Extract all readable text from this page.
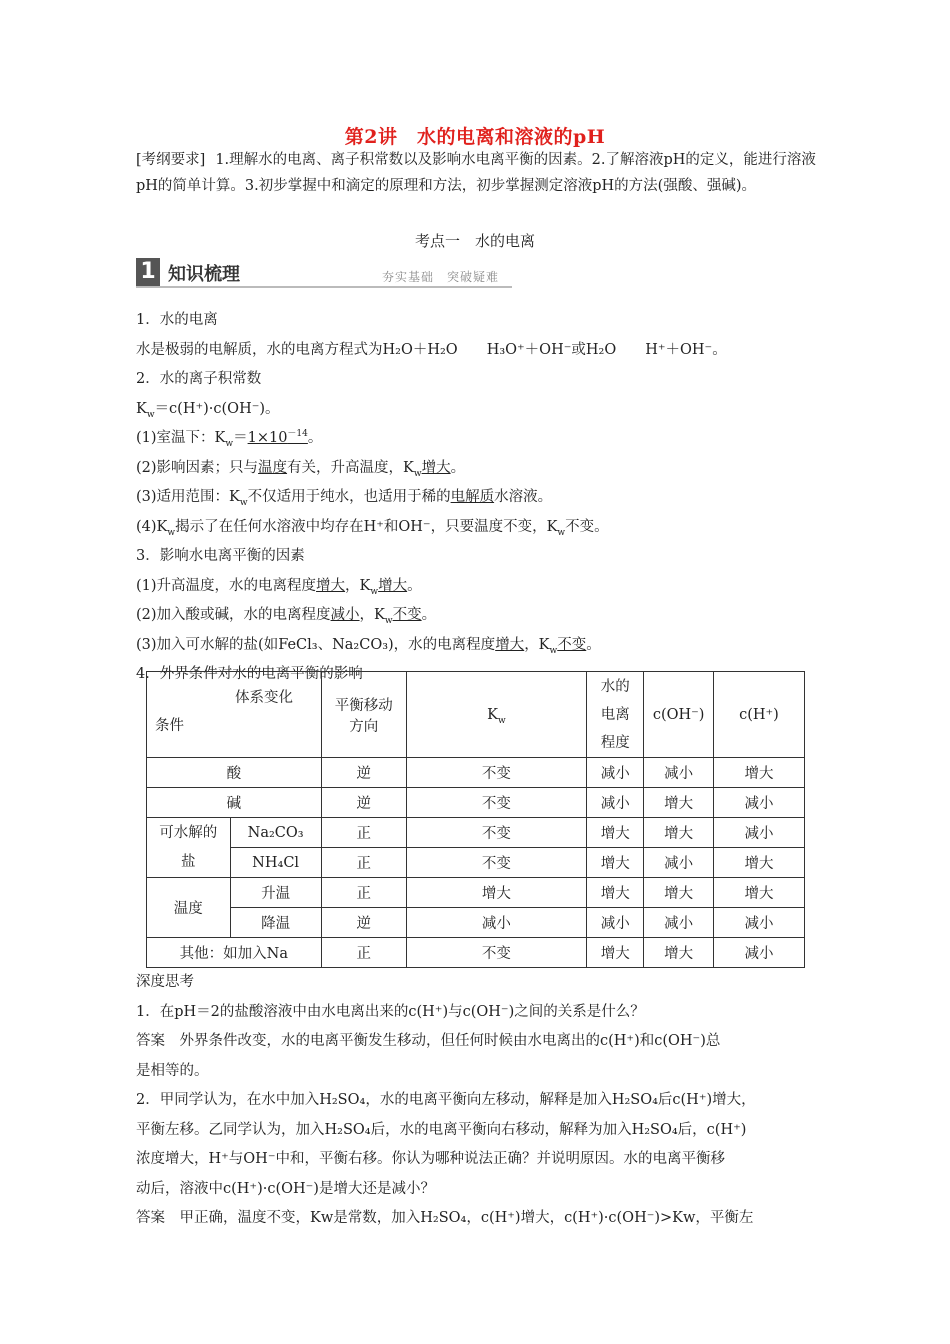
第2讲　水的电离和溶液的pH
[考纲要求] 1.理解水的电离、离子积常数以及影响水电离平衡的因素。2.了解溶液pH的定义，能进行溶液pH的简单计算。3.初步掌握中和滴定的原理和方法，初步掌握测定溶液pH的方法(强酸、强碱)。
考点一　水的电离
1 知识梳理	夯实基础　突破疑难

1．水的电离

水是极弱的电解质，水的电离方程式为H₂O＋H₂O　　H₃O⁺＋OH⁻或H₂O　　H⁺＋OH⁻。

2．水的离子积常数

$K_w=c(H^+)\cdot c(OH^-)$。

(1)室温下：$K_w=1\times 10^{-14}$。

(2)影响因素；只与温度有关，升高温度，$K_w$增大。

(3)适用范围：$K_w$不仅适用于纯水，也适用于稀的电解质水溶液。

$(4)K_w$揭示了在任何水溶液中均存在H⁺和OH⁻，只要温度不变，$K_w$不变。

3．影响水电离平衡的因素

(1)升高温度，水的电离程度增大，$K_w$增大。

(2)加入酸或碱，水的电离程度减小，$K_w$不变。

(3)加入可水解的盐(如FeCl₃、Na₂CO₃)，水的电离程度增大，$K_w$不变。

4．外界条件对水的电离平衡的影响

体系变化
条件		平衡移动方向	$K_w$	水的电离程度	c(OH⁻)	c(H⁺)
酸		逆	不变	减小	减小	增大
碱		逆	不变	减小	增大	减小
可水解的盐	Na₂CO₃	正	不变	增大	增大	减小
	NH₄Cl	正	不变	增大	减小	增大
温度	升温	正	增大	增大	增大	增大
	降温	逆	减小	减小	减小	减小
其他：如加入Na		正	不变	增大	增大	减小

深度思考

1．在pH＝2的盐酸溶液中由水电离出来的c(H⁺)与c(OH⁻)之间的关系是什么？

答案　外界条件改变，水的电离平衡发生移动，但任何时候由水电离出的c(H⁺)和c(OH⁻)总

是相等的。

2．甲同学认为，在水中加入H₂SO₄，水的电离平衡向左移动，解释是加入H₂SO₄后c(H⁺)增大，

平衡左移。乙同学认为，加入H₂SO₄后，水的电离平衡向右移动，解释为加入H₂SO₄后，c(H⁺)

浓度增大，H⁺与OH⁻中和，平衡右移。你认为哪种说法正确？并说明原因。水的电离平衡移

动后，溶液中c(H⁺)·c(OH⁻)是增大还是减小？

答案　甲正确，温度不变，Kw是常数，加入H₂SO₄，c(H⁺)增大，c(H⁺)·c(OH⁻)>Kw，平衡左
